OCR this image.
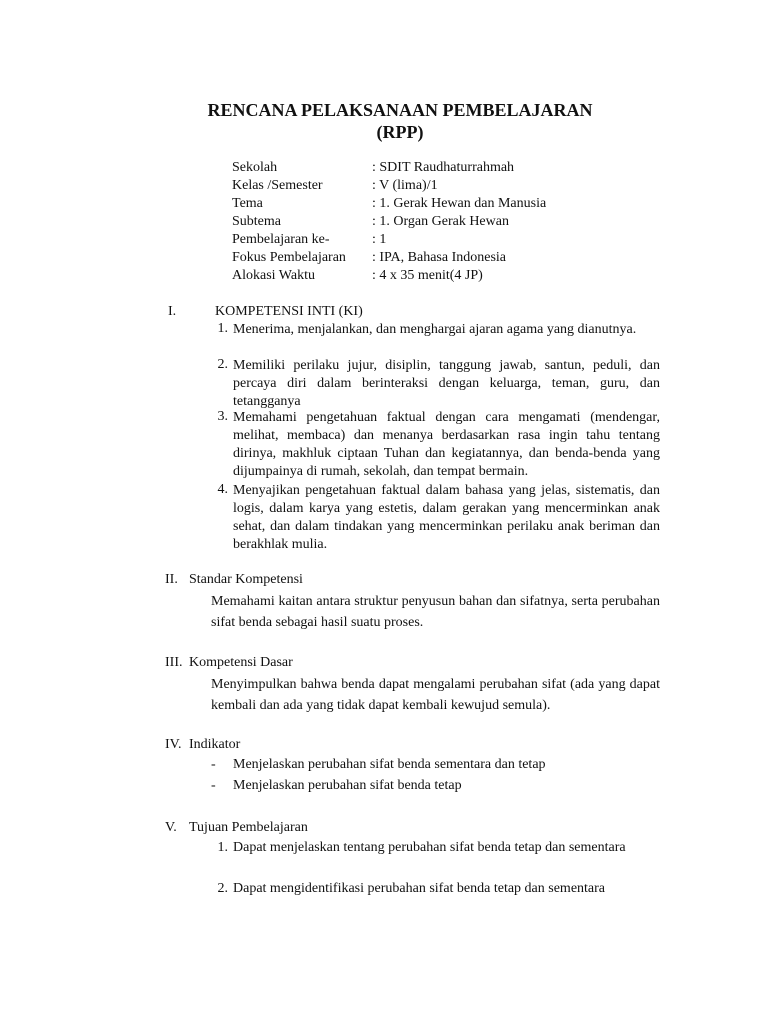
RENCANA PELAKSANAAN PEMBELAJARAN
(RPP)
Sekolah	: SDIT Raudhaturrahmah
Kelas /Semester	: V (lima)/1
Tema	: 1. Gerak Hewan dan Manusia
Subtema	: 1. Organ Gerak Hewan
Pembelajaran ke-	: 1
Fokus Pembelajaran : IPA, Bahasa Indonesia
Alokasi Waktu	: 4 x 35 menit(4 JP)
I.	KOMPETENSI INTI (KI)
1. Menerima, menjalankan, dan menghargai ajaran agama yang dianutnya.
2. Memiliki perilaku jujur, disiplin, tanggung jawab, santun, peduli, dan percaya diri dalam berinteraksi dengan keluarga, teman, guru, dan tetangganya
3. Memahami pengetahuan faktual dengan cara mengamati (mendengar, melihat, membaca) dan menanya berdasarkan rasa ingin tahu tentang dirinya, makhluk ciptaan Tuhan dan kegiatannya, dan benda-benda yang dijumpainya di rumah, sekolah, dan tempat bermain.
4. Menyajikan pengetahuan faktual dalam bahasa yang jelas, sistematis, dan logis, dalam karya yang estetis, dalam gerakan yang mencerminkan anak sehat, dan dalam tindakan yang mencerminkan perilaku anak beriman dan berakhlak mulia.
II. Standar Kompetensi
Memahami kaitan antara struktur penyusun bahan dan sifatnya, serta perubahan sifat benda sebagai hasil suatu proses.
III. Kompetensi Dasar
Menyimpulkan bahwa benda dapat mengalami perubahan sifat (ada yang dapat kembali dan ada yang tidak dapat kembali kewujud semula).
IV. Indikator
- Menjelaskan perubahan sifat benda sementara dan tetap
- Menjelaskan perubahan sifat benda tetap
V. Tujuan Pembelajaran
1. Dapat menjelaskan tentang perubahan sifat benda tetap dan sementara
2. Dapat mengidentifikasi perubahan sifat benda tetap dan sementara
